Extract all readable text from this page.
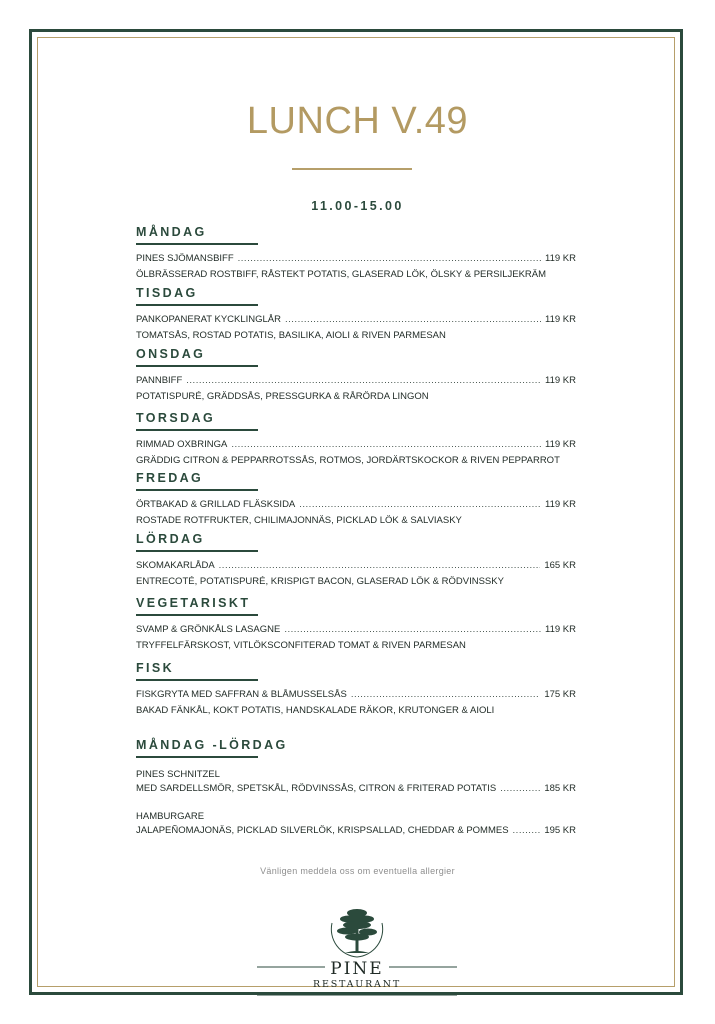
LUNCH V.49
11.00-15.00
MÅNDAG
PINES SJÖMANSBIFF .....	119 KR
ÖLBRÄSSERAD ROSTBIFF, RÅSTEKT POTATIS, GLASERAD LÖK, ÖLSKY & PERSILJEKRÄM
TISDAG
PANKOPANERAT KYCKLINGLÅR .....	119 KR
TOMATSÅS, ROSTAD POTATIS, BASILIKA, AIOLI & RIVEN PARMESAN
ONSDAG
PANNBIFF .....	119 KR
POTATISPURÉ, GRÄDDSÅS, PRESSGURKA & RÅRÖRDA LINGON
TORSDAG
RIMMAD OXBRINGA .....	119 KR
GRÄDDIG CITRON & PEPPARROTSSÅS, ROTMOS, JORDÄRTSKOCKOR & RIVEN PEPPARROT
FREDAG
ÖRTBAKAD & GRILLAD FLÄSKSIDA .....	119 KR
ROSTADE ROTFRUKTER, CHILIMAJONNÄS, PICKLAD LÖK & SALVIASKY
LÖRDAG
SKOMAKARLÅDA .....	165 KR
ENTRECOTÉ, POTATISPURÉ, KRISPIGT BACON, GLASERAD LÖK & RÖDVINSSKY
VEGETARISKT
SVAMP & GRÖNKÅLS LASAGNE .....	119 KR
TRYFFELFÄRSKOST, VITLÖKSCONFITERAD TOMAT & RIVEN PARMESAN
FISK
FISKGRYTA MED SAFFRAN & BLÅMUSSELSÅS .....	175 KR
BAKAD FÄNKÅL, KOKT POTATIS, HANDSKALADE RÄKOR, KRUTONGER & AIOLI
MÅNDAG -LÖRDAG
PINES SCHNITZEL
MED SARDELLSMÖR, SPETSKÅL, RÖDVINSSÅS, CITRON & FRITERAD POTATIS .....	185 KR
HAMBURGARE
JALAPEÑOMAJONÄS, PICKLAD SILVERLÖK, KRISPSALLAD, CHEDDAR & POMMES .....	195 KR
Vänligen meddela oss om eventuella allergier
PINE
RESTAURANT
